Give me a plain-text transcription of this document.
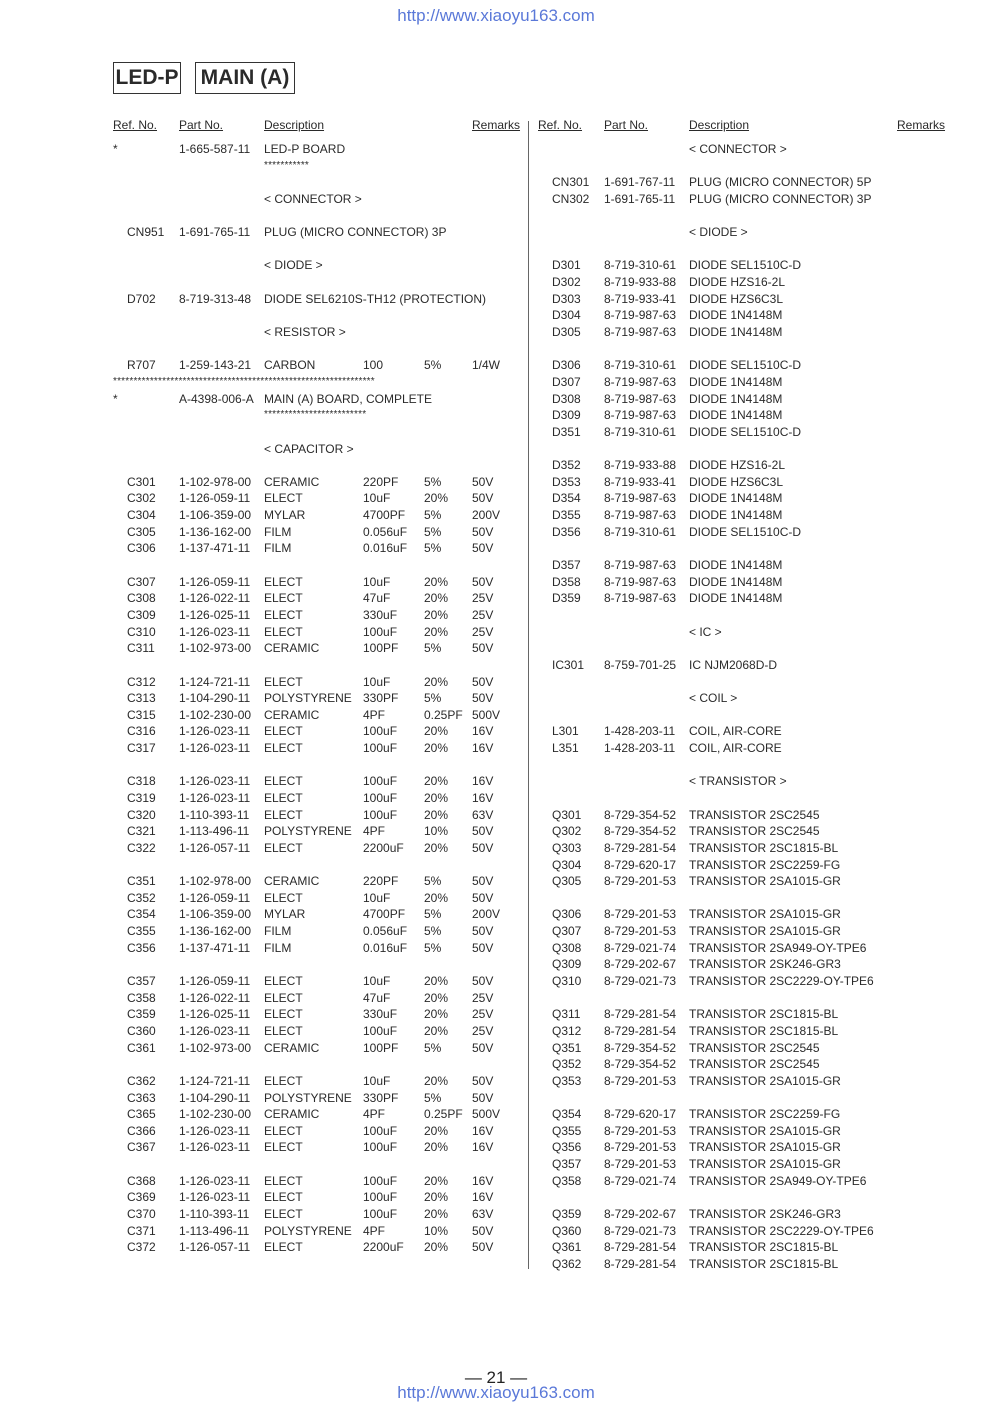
http://www.xiaoyu163.com
LED-P MAIN (A)
Ref. No. Part No.	Description	Remarks
*	1-665-587-11 LED-P BOARD
***********
< CONNECTOR >
CN951 1-691-765-11 PLUG (MICRO CONNECTOR) 3P
< DIODE >
D702 8-719-313-48 DIODE SEL6210S-TH12 (PROTECTION)
< RESISTOR >
R707 1-259-143-21 CARBON	100	5%	1/4W
****************************************************************
*	A-4398-006-A MAIN (A) BOARD, COMPLETE
*************************
< CAPACITOR >
C301 1-102-978-00 CERAMIC	220PF 5%	50V
C302 1-126-059-11 ELECT	10uF	20% 50V
C304 1-106-359-00 MYLAR	4700PF 5%	200V
C305 1-136-162-00 FILM	0.056uF 5%	50V
C306 1-137-471-11 FILM	0.016uF 5%	50V
C307 1-126-059-11 ELECT	10uF	20% 50V
C308 1-126-022-11 ELECT	47uF	20% 25V
C309 1-126-025-11 ELECT	330uF 20% 25V
C310 1-126-023-11 ELECT	100uF 20% 25V
C311 1-102-973-00 CERAMIC	100PF 5%	50V
C312 1-124-721-11 ELECT	10uF	20% 50V
C313 1-104-290-11 POLYSTYRENE 330PF 5%	50V
C315 1-102-230-00 CERAMIC	4PF	0.25PF 500V
C316 1-126-023-11 ELECT	100uF 20% 16V
C317 1-126-023-11 ELECT	100uF 20% 16V
C318 1-126-023-11 ELECT	100uF 20% 16V
C319 1-126-023-11 ELECT	100uF 20% 16V
C320 1-110-393-11 ELECT	100uF 20% 63V
C321 1-113-496-11 POLYSTYRENE 4PF	10% 50V
C322 1-126-057-11 ELECT	2200uF 20% 50V
C351 1-102-978-00 CERAMIC	220PF 5%	50V
C352 1-126-059-11 ELECT	10uF	20% 50V
C354 1-106-359-00 MYLAR	4700PF 5%	200V
C355 1-136-162-00 FILM	0.056uF 5%	50V
C356 1-137-471-11 FILM	0.016uF 5%	50V
C357 1-126-059-11 ELECT	10uF	20% 50V
C358 1-126-022-11 ELECT	47uF	20% 25V
C359 1-126-025-11 ELECT	330uF 20% 25V
C360 1-126-023-11 ELECT	100uF 20% 25V
C361 1-102-973-00 CERAMIC	100PF 5%	50V
C362 1-124-721-11 ELECT	10uF	20% 50V
C363 1-104-290-11 POLYSTYRENE 330PF 5%	50V
C365 1-102-230-00 CERAMIC	4PF	0.25PF 500V
C366 1-126-023-11 ELECT	100uF 20% 16V
C367 1-126-023-11 ELECT	100uF 20% 16V
C368 1-126-023-11 ELECT	100uF 20% 16V
C369 1-126-023-11 ELECT	100uF 20% 16V
C370 1-110-393-11 ELECT	100uF 20% 63V
C371 1-113-496-11 POLYSTYRENE 4PF	10% 50V
C372 1-126-057-11 ELECT	2200uF 20% 50V
Ref. No. Part No.	Description	Remarks
< CONNECTOR >
CN301 1-691-767-11 PLUG (MICRO CONNECTOR) 5P
CN302 1-691-765-11 PLUG (MICRO CONNECTOR) 3P
< DIODE >
D301 8-719-310-61 DIODE SEL1510C-D
D302 8-719-933-88 DIODE HZS16-2L
D303 8-719-933-41 DIODE HZS6C3L
D304 8-719-987-63 DIODE 1N4148M
D305 8-719-987-63 DIODE 1N4148M
D306 8-719-310-61 DIODE SEL1510C-D
D307 8-719-987-63 DIODE 1N4148M
D308 8-719-987-63 DIODE 1N4148M
D309 8-719-987-63 DIODE 1N4148M
D351 8-719-310-61 DIODE SEL1510C-D
D352 8-719-933-88 DIODE HZS16-2L
D353 8-719-933-41 DIODE HZS6C3L
D354 8-719-987-63 DIODE 1N4148M
D355 8-719-987-63 DIODE 1N4148M
D356 8-719-310-61 DIODE SEL1510C-D
D357 8-719-987-63 DIODE 1N4148M
D358 8-719-987-63 DIODE 1N4148M
D359 8-719-987-63 DIODE 1N4148M
< IC >
IC301 8-759-701-25 IC NJM2068D-D
< COIL >
L301 1-428-203-11 COIL, AIR-CORE
L351 1-428-203-11 COIL, AIR-CORE
< TRANSISTOR >
Q301 8-729-354-52 TRANSISTOR 2SC2545
Q302 8-729-354-52 TRANSISTOR 2SC2545
Q303 8-729-281-54 TRANSISTOR 2SC1815-BL
Q304 8-729-620-17 TRANSISTOR 2SC2259-FG
Q305 8-729-201-53 TRANSISTOR 2SA1015-GR
Q306 8-729-201-53 TRANSISTOR 2SA1015-GR
Q307 8-729-201-53 TRANSISTOR 2SA1015-GR
Q308 8-729-021-74 TRANSISTOR 2SA949-OY-TPE6
Q309 8-729-202-67 TRANSISTOR 2SK246-GR3
Q310 8-729-021-73 TRANSISTOR 2SC2229-OY-TPE6
Q311 8-729-281-54 TRANSISTOR 2SC1815-BL
Q312 8-729-281-54 TRANSISTOR 2SC1815-BL
Q351 8-729-354-52 TRANSISTOR 2SC2545
Q352 8-729-354-52 TRANSISTOR 2SC2545
Q353 8-729-201-53 TRANSISTOR 2SA1015-GR
Q354 8-729-620-17 TRANSISTOR 2SC2259-FG
Q355 8-729-201-53 TRANSISTOR 2SA1015-GR
Q356 8-729-201-53 TRANSISTOR 2SA1015-GR
Q357 8-729-201-53 TRANSISTOR 2SA1015-GR
Q358 8-729-021-74 TRANSISTOR 2SA949-OY-TPE6
Q359 8-729-202-67 TRANSISTOR 2SK246-GR3
Q360 8-729-021-73 TRANSISTOR 2SC2229-OY-TPE6
Q361 8-729-281-54 TRANSISTOR 2SC1815-BL
Q362 8-729-281-54 TRANSISTOR 2SC1815-BL
— 21 —
http://www.xiaoyu163.com
